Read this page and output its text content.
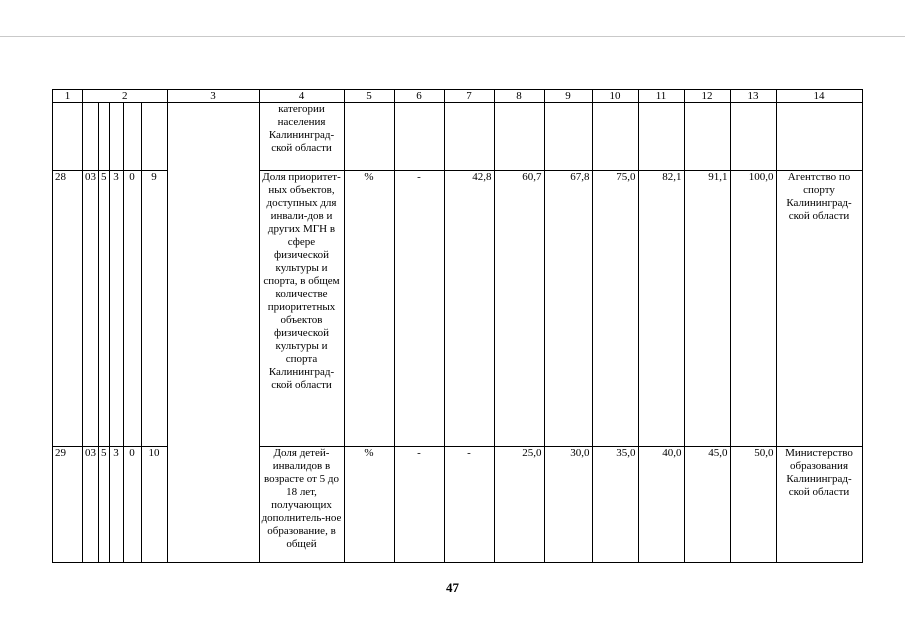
1	2					3	4	5	6	7	8	9	10	11	12	13	14
							категории населения Калининград-ской области										
28	03	5	3	0	9		Доля приоритет-ных объектов, доступных для инвали-дов и других МГН в сфере физической культуры и спорта, в общем количестве приоритетных объектов физической культуры и спорта Калининград-ской области	%	-	42,8	60,7	67,8	75,0	82,1	91,1	100,0	Агентство по спорту Калининград-ской области
29	03	5	3	0	10		Доля детей-инвалидов в возрасте от 5 до 18 лет, получающих дополнитель-ное образование, в общей	%	-	-	25,0	30,0	35,0	40,0	45,0	50,0	Министерство образования Калининград-ской области
47
